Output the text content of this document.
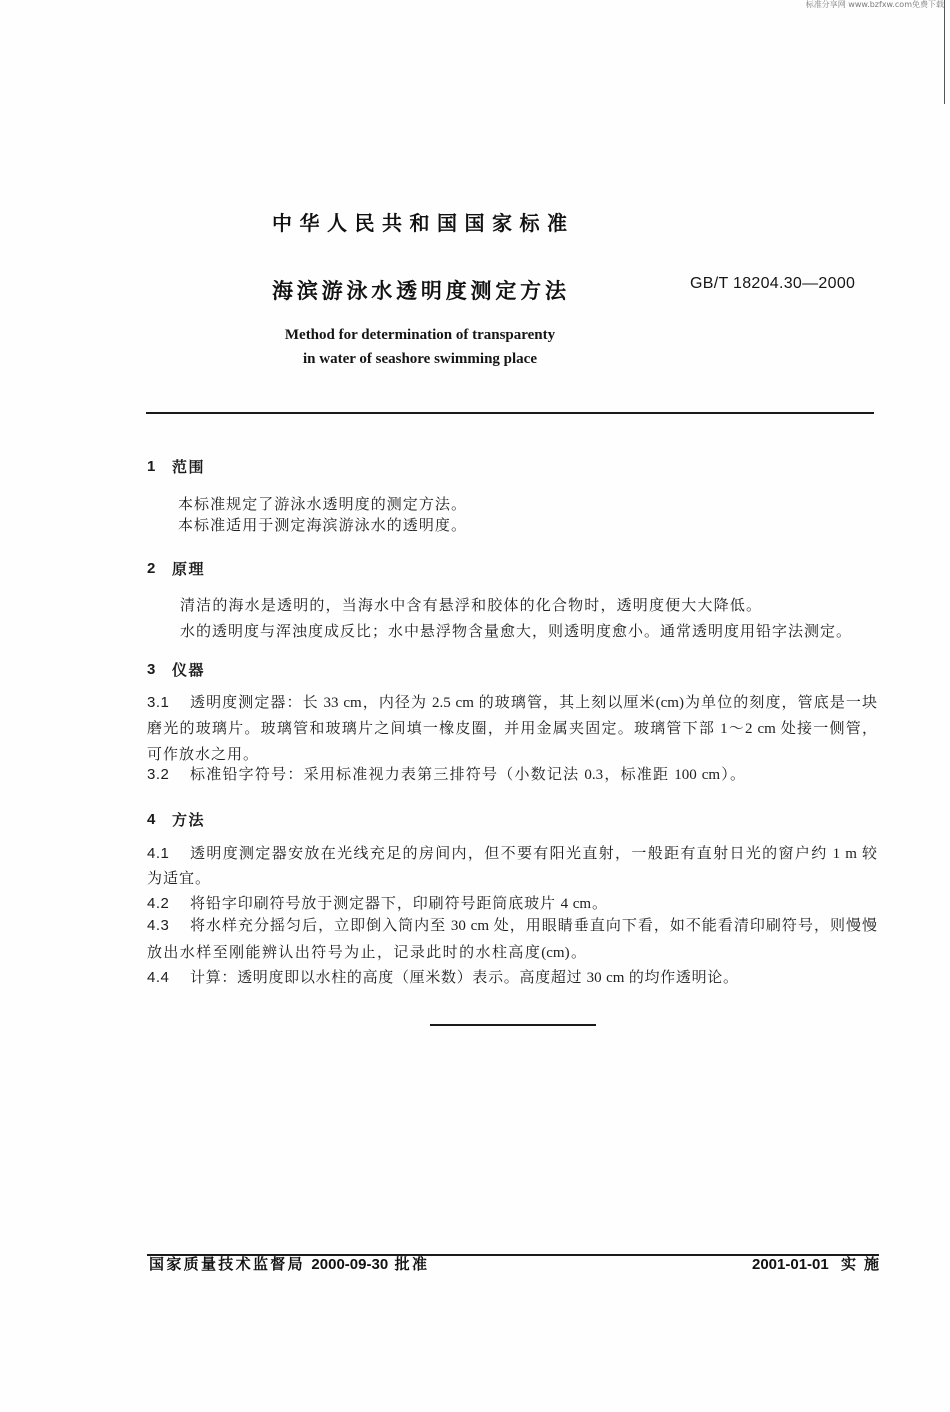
标准分享网 www.bzfxw.com免费下载
中华人民共和国国家标准
海滨游泳水透明度测定方法	GB/T 18204.30—2000
Method for determination of transparenty
in water of seashore swimming place
1 范围
本标准规定了游泳水透明度的测定方法。
本标准适用于测定海滨游泳水的透明度。
2 原理
清洁的海水是透明的，当海水中含有悬浮和胶体的化合物时，透明度便大大降低。
水的透明度与浑浊度成反比；水中悬浮物含量愈大，则透明度愈小。通常透明度用铅字法测定。
3 仪器
3.1 透明度测定器：长 33 cm，内径为 2.5 cm 的玻璃管，其上刻以厘米(cm)为单位的刻度，管底是一块
磨光的玻璃片。玻璃管和玻璃片之间填一橡皮圈，并用金属夹固定。玻璃管下部 1～2 cm 处接一侧管，
可作放水之用。
3.2 标准铅字符号：采用标准视力表第三排符号（小数记法 0.3，标准距 100 cm）。
4 方法
4.1 透明度测定器安放在光线充足的房间内，但不要有阳光直射，一般距有直射日光的窗户约 1 m 较
为适宜。
4.2 将铅字印刷符号放于测定器下，印刷符号距筒底玻片 4 cm。
4.3 将水样充分摇匀后，立即倒入筒内至 30 cm 处，用眼睛垂直向下看，如不能看清印刷符号，则慢慢
放出水样至刚能辨认出符号为止，记录此时的水柱高度(cm)。
4.4 计算：透明度即以水柱的高度（厘米数）表示。高度超过 30 cm 的均作透明论。
国家质量技术监督局 2000-09-30 批准	2001-01-01 实施
